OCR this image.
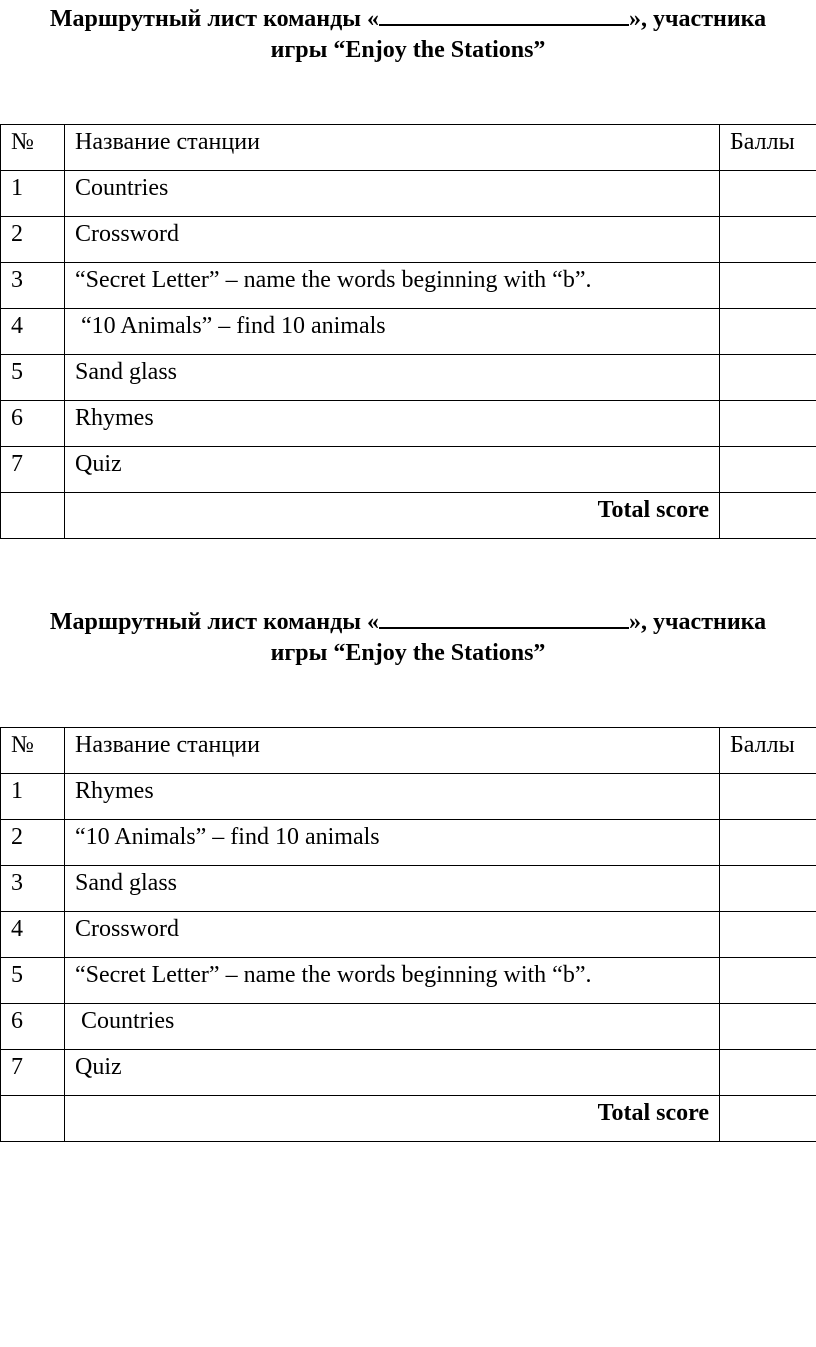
Маршрутный лист команды «	», участника
игры “Enjoy the Stations”

№	Название станции	Баллы
1	Countries	
2	Crossword	
3	“Secret Letter” – name the words beginning with “b”.	
4	“10 Animals” – find 10 animals	
5	Sand glass	
6	Rhymes	
7	Quiz	
	Total score	

Маршрутный лист команды «	», участника
игры “Enjoy the Stations”

№	Название станции	Баллы
1	Rhymes	
2	“10 Animals” – find 10 animals	
3	Sand glass	
4	Crossword	
5	“Secret Letter” – name the words beginning with “b”.	
6	Countries	
7	Quiz	
	Total score	
